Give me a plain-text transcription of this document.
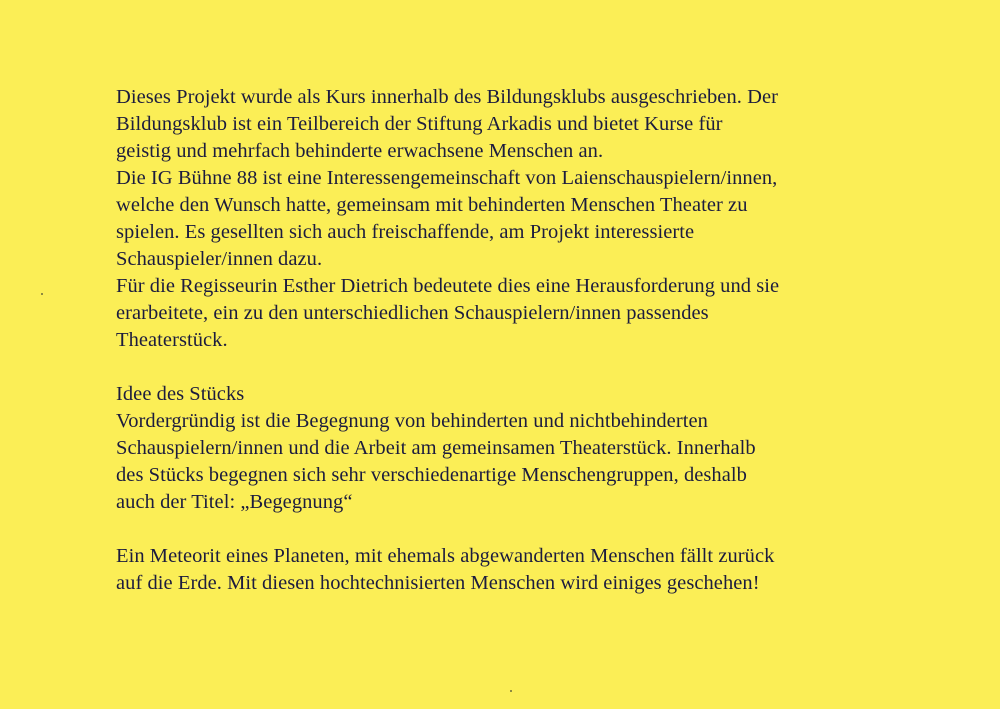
Dieses Projekt wurde als Kurs innerhalb des Bildungsklubs ausgeschrieben. Der
Bildungsklub ist ein Teilbereich der Stiftung Arkadis und bietet Kurse für
geistig und mehrfach behinderte erwachsene Menschen an.
Die IG Bühne 88 ist eine Interessengemeinschaft von Laienschauspielern/innen,
welche den Wunsch hatte, gemeinsam mit behinderten Menschen Theater zu
spielen. Es gesellten sich auch freischaffende, am Projekt interessierte
Schauspieler/innen dazu.
Für die Regisseurin Esther Dietrich bedeutete dies eine Herausforderung und sie
erarbeitete, ein zu den unterschiedlichen Schauspielern/innen passendes
Theaterstück.
Idee des Stücks
Vordergründig ist die Begegnung von behinderten und nichtbehinderten
Schauspielern/innen und die Arbeit am gemeinsamen Theaterstück. Innerhalb
des Stücks begegnen sich sehr verschiedenartige Menschengruppen, deshalb
auch der Titel: „Begegnung“
Ein Meteorit eines Planeten, mit ehemals abgewanderten Menschen fällt zurück
auf die Erde. Mit diesen hochtechnisierten Menschen wird einiges geschehen!
